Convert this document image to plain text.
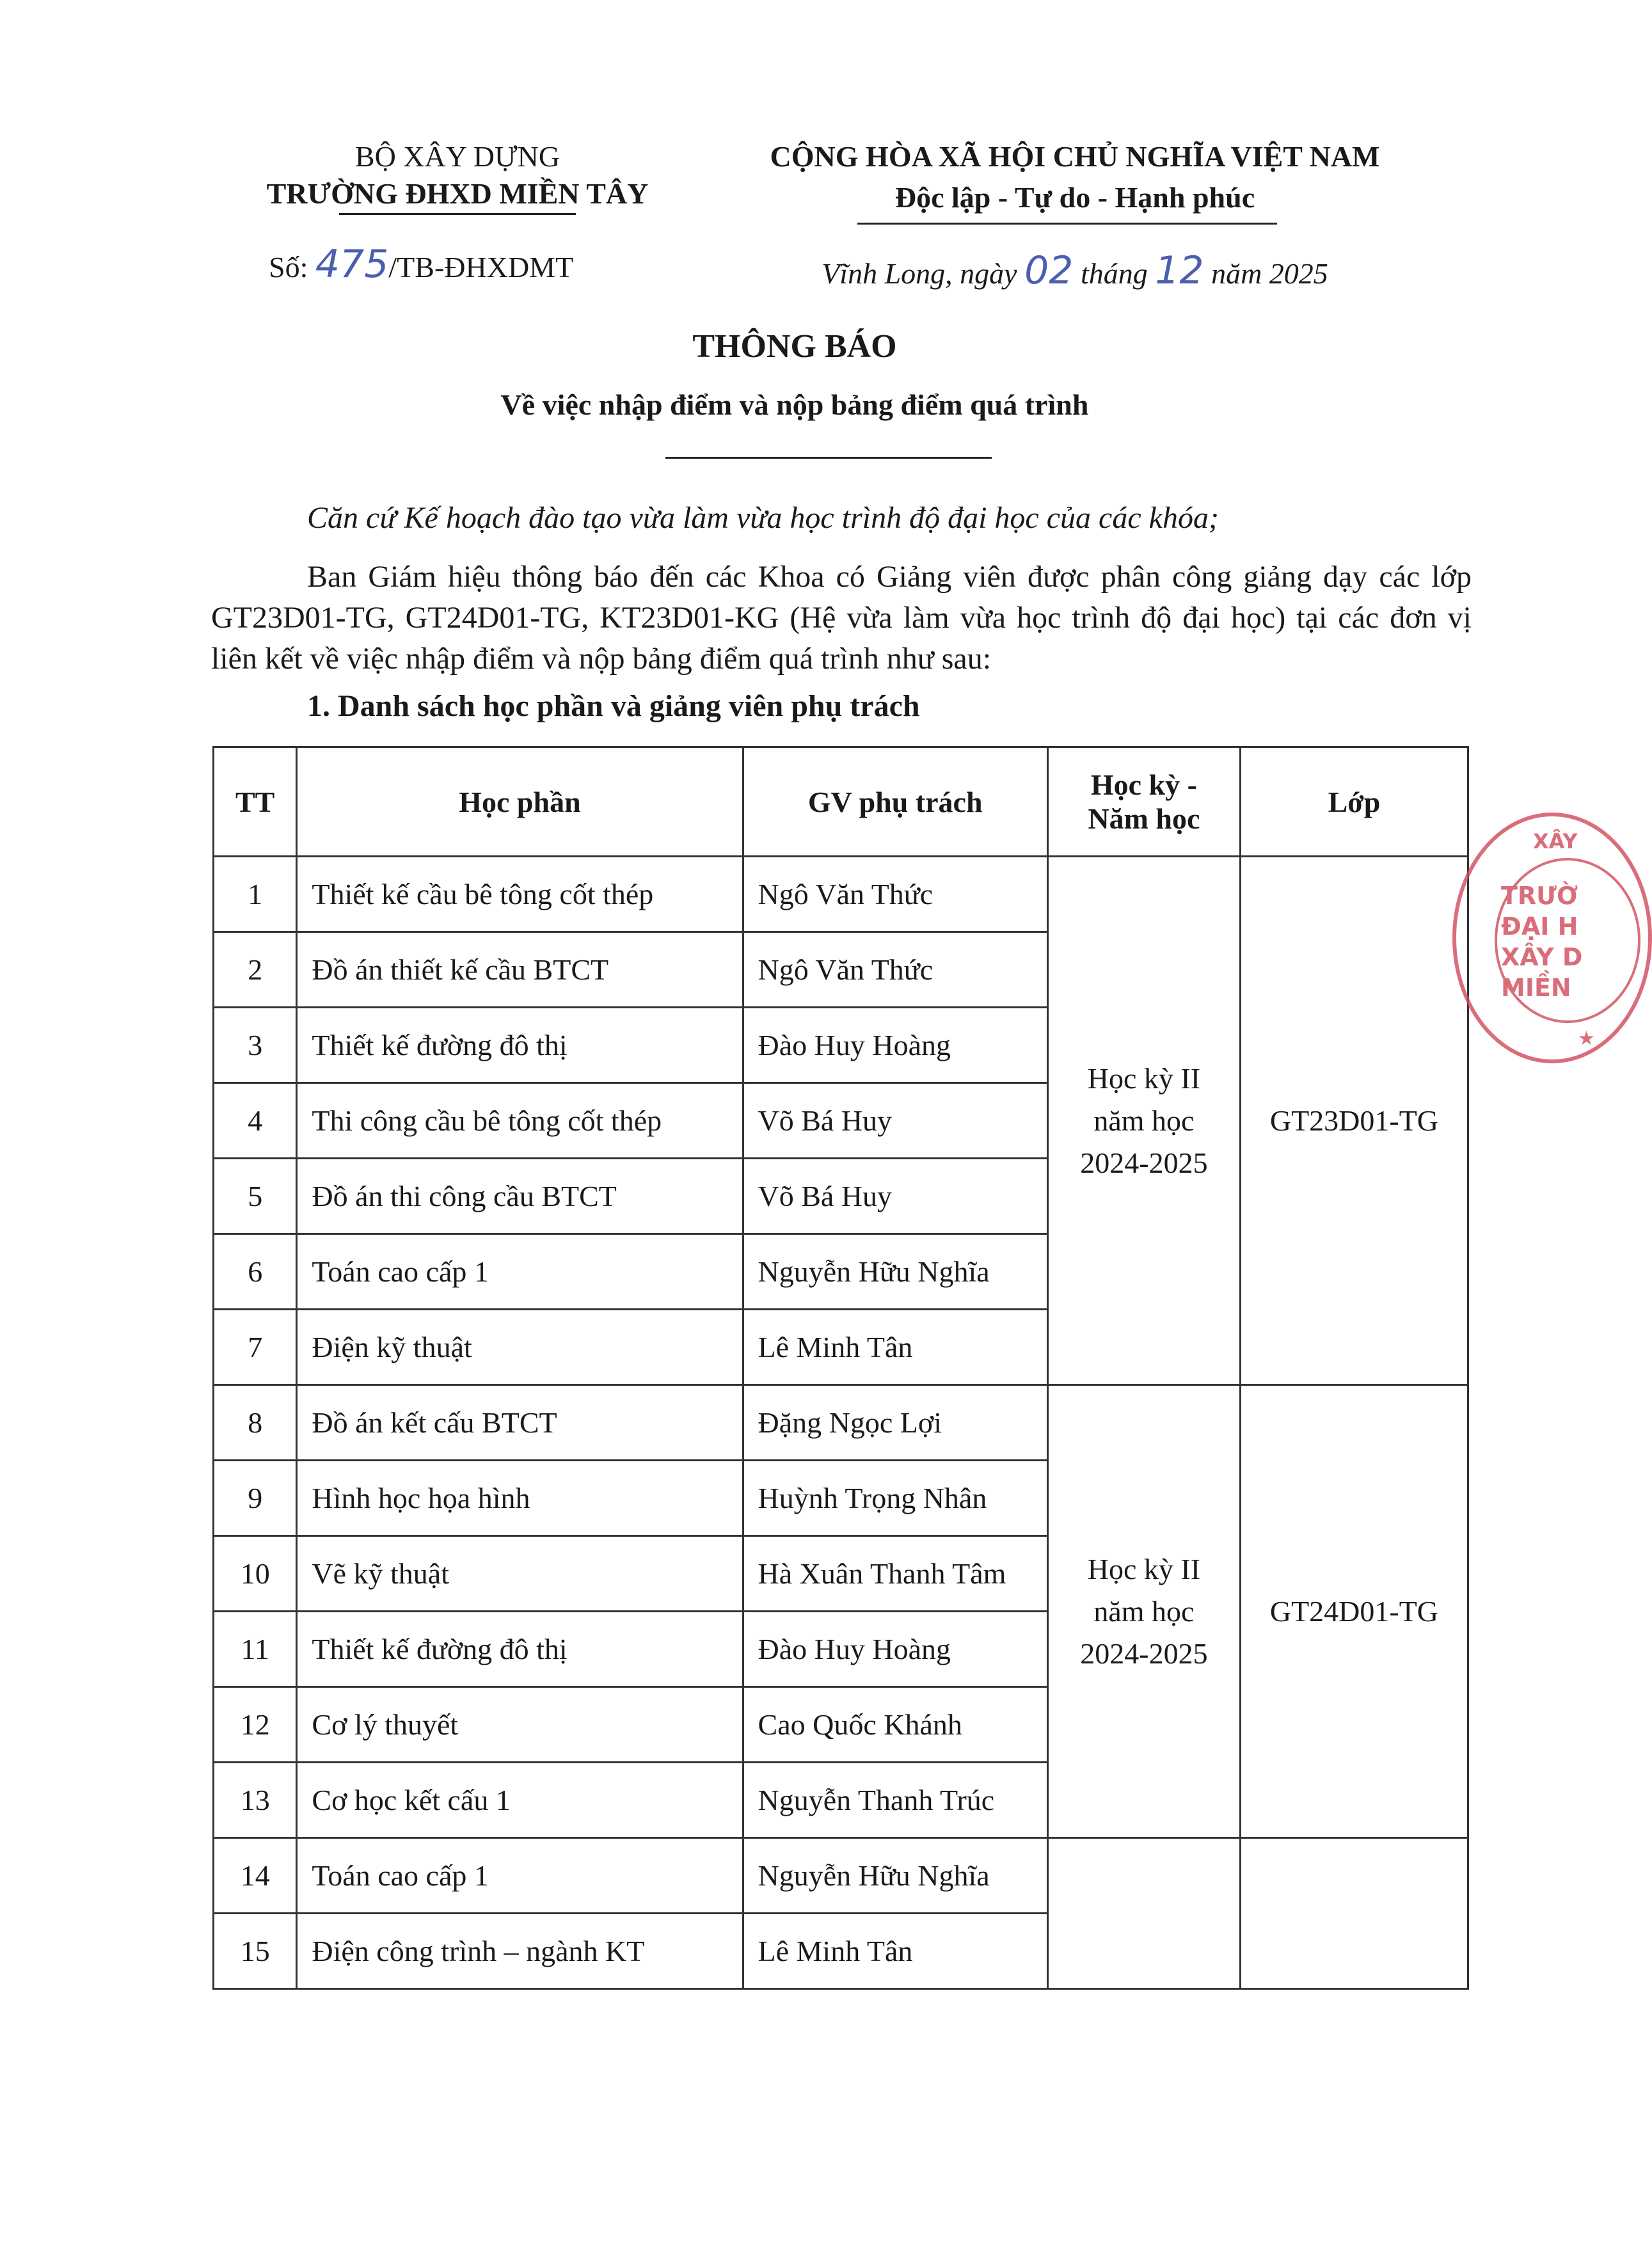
BỘ XÂY DỰNG
TRƯỜNG ĐHXD MIỀN TÂY
Số: 475/TB-ĐHXDMT
CỘNG HÒA XÃ HỘI CHỦ NGHĨA VIỆT NAM
Độc lập - Tự do - Hạnh phúc
Vĩnh Long, ngày 02 tháng 12 năm 2025
THÔNG BÁO
Về việc nhập điểm và nộp bảng điểm quá trình
Căn cứ Kế hoạch đào tạo vừa làm vừa học trình độ đại học của các khóa;
Ban Giám hiệu thông báo đến các Khoa có Giảng viên được phân công giảng dạy các lớp GT23D01-TG, GT24D01-TG, KT23D01-KG (Hệ vừa làm vừa học trình độ đại học) tại các đơn vị liên kết về việc nhập điểm và nộp bảng điểm quá trình như sau:
1. Danh sách học phần và giảng viên phụ trách
TT	Học phần	GV phụ trách	Học kỳ - Năm học	Lớp
1	Thiết kế cầu bê tông cốt thép	Ngô Văn Thức	Học kỳ II
năm học
2024-2025	GT23D01-TG
2	Đồ án thiết kế cầu BTCT	Ngô Văn Thức		
3	Thiết kế đường đô thị	Đào Huy Hoàng		
4	Thi công cầu bê tông cốt thép	Võ Bá Huy		
5	Đồ án thi công cầu BTCT	Võ Bá Huy		
6	Toán cao cấp 1	Nguyễn Hữu Nghĩa		
7	Điện kỹ thuật	Lê Minh Tân		
8	Đồ án kết cấu BTCT	Đặng Ngọc Lợi	Học kỳ II
năm học
2024-2025	GT24D01-TG
9	Hình học họa hình	Huỳnh Trọng Nhân		
10	Vẽ kỹ thuật	Hà Xuân Thanh Tâm		
11	Thiết kế đường đô thị	Đào Huy Hoàng		
12	Cơ lý thuyết	Cao Quốc Khánh		
13	Cơ học kết cấu 1	Nguyễn Thanh Trúc		
14	Toán cao cấp 1	Nguyễn Hữu Nghĩa		
15	Điện công trình – ngành KT	Lê Minh Tân		
XÂY
TRƯỜ
ĐẠI H
XÂY D
MIỀN
★
